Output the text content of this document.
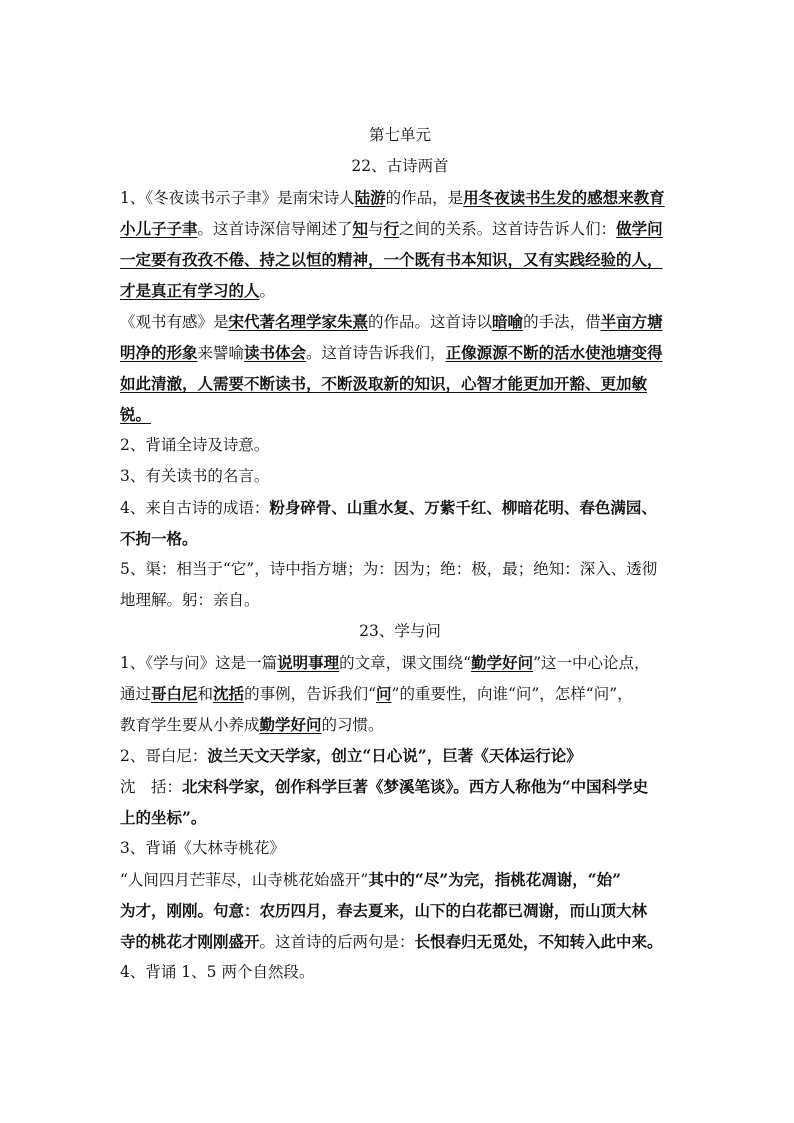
第七单元
22、古诗两首
1、《冬夜读书示子聿》是南宋诗人陆游的作品，是用冬夜读书生发的感想来教育
小儿子子聿。这首诗深信导阐述了知与行之间的关系。这首诗告诉人们：做学问
一定要有孜孜不倦、持之以恒的精神，一个既有书本知识，又有实践经验的人，
才是真正有学习的人。
《观书有感》是宋代著名理学家朱熹的作品。这首诗以暗喻的手法，借半亩方塘
明净的形象来譬喻读书体会。这首诗告诉我们，正像源源不断的活水使池塘变得
如此清澈，人需要不断读书，不断汲取新的知识，心智才能更加开豁、更加敏
锐。
2、背诵全诗及诗意。
3、有关读书的名言。
4、来自古诗的成语：粉身碎骨、山重水复、万紫千红、柳暗花明、春色满园、
不拘一格。
5、渠：相当于“它”，诗中指方塘；为：因为；绝：极，最；绝知：深入、透彻
地理解。躬：亲自。
23、学与问
1、《学与问》这是一篇说明事理的文章，课文围绕“勤学好问”这一中心论点，
通过哥白尼和沈括的事例，告诉我们“问”的重要性，向谁“问”，怎样“问”，
教育学生要从小养成勤学好问的习惯。
2、哥白尼：波兰天文天学家，创立“日心说”，巨著《天体运行论》
沈　括：北宋科学家，创作科学巨著《梦溪笔谈》。西方人称他为“中国科学史
上的坐标”。
3、背诵《大林寺桃花》
“人间四月芒菲尽，山寺桃花始盛开”其中的“尽”为完，指桃花凋谢，“始”
为才，刚刚。句意：农历四月，春去夏来，山下的白花都已凋谢，而山顶大林
寺的桃花才刚刚盛开。这首诗的后两句是：长恨春归无觅处，不知转入此中来。
4、背诵 1、5 两个自然段。
